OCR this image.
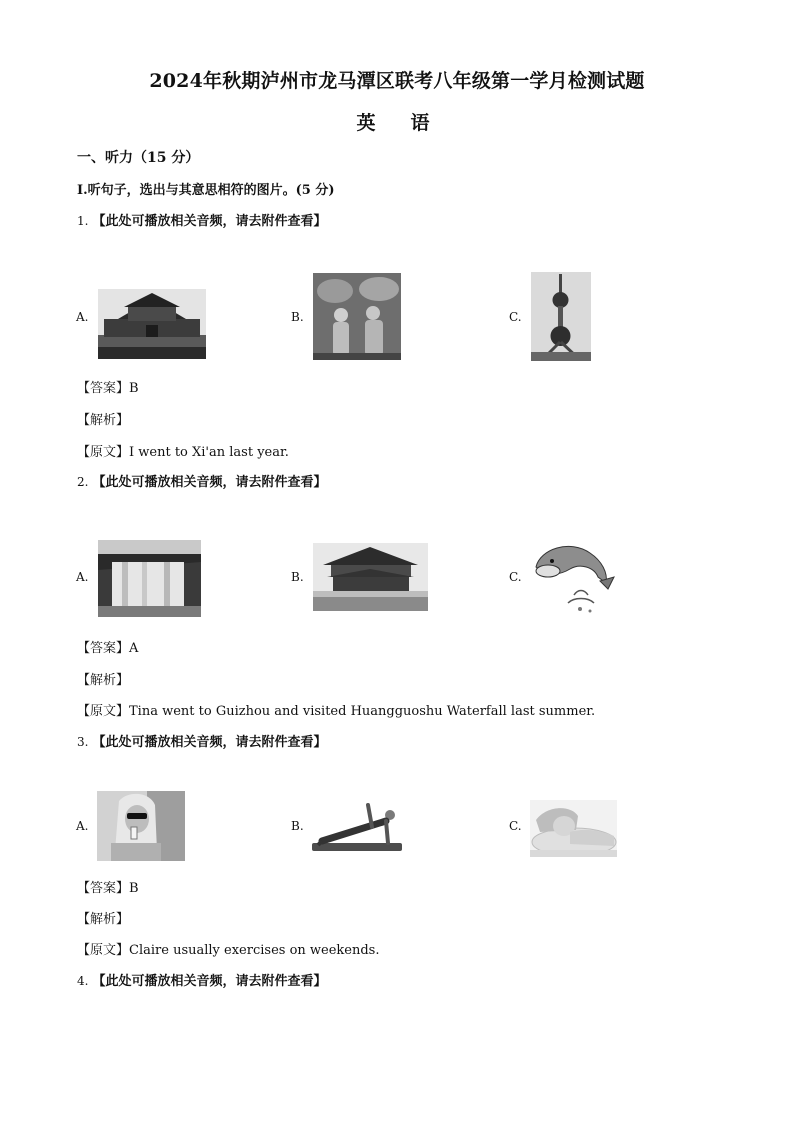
2024年秋期泸州市龙马潭区联考八年级第一学月检测试题
英　语
一、听力（15 分）
Ⅰ.听句子，选出与其意思相符的图片。(5 分)
1. 【此处可播放相关音频，请去附件查看】
A.	B.	C.
【答案】B
【解析】
【原文】I went to Xi'an last year.
2. 【此处可播放相关音频，请去附件查看】
A.	B.	C.
【答案】A
【解析】
【原文】Tina went to Guizhou and visited Huangguoshu Waterfall last summer.
3. 【此处可播放相关音频，请去附件查看】
A.	B.	C.
【答案】B
【解析】
【原文】Claire usually exercises on weekends.
4. 【此处可播放相关音频，请去附件查看】
